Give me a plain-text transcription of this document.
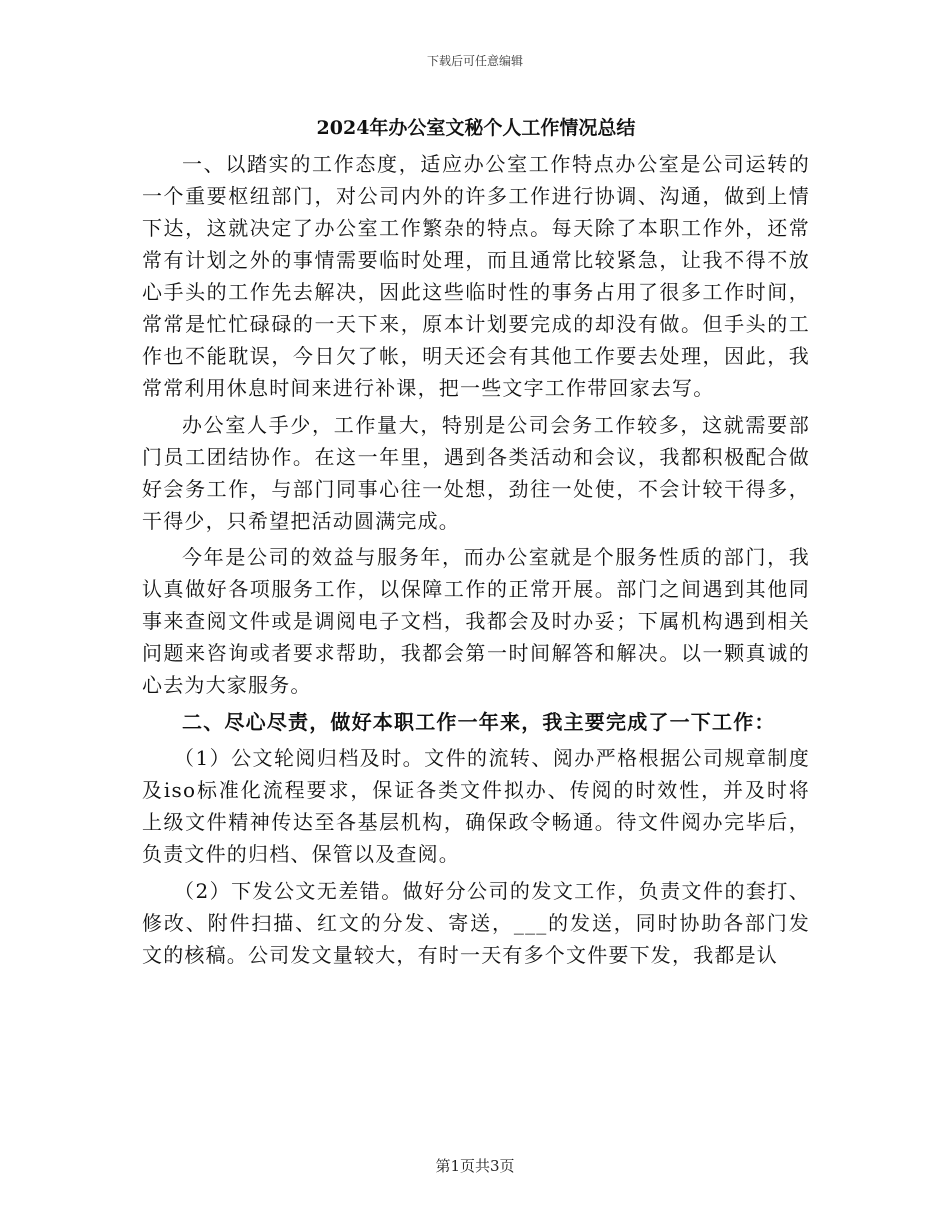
下载后可任意编辑
2024年办公室文秘个人工作情况总结

一、以踏实的工作态度，适应办公室工作特点办公室是公司运转的一个重要枢纽部门，对公司内外的许多工作进行协调、沟通，做到上情下达，这就决定了办公室工作繁杂的特点。每天除了本职工作外，还常常有计划之外的事情需要临时处理，而且通常比较紧急，让我不得不放心手头的工作先去解决，因此这些临时性的事务占用了很多工作时间，常常是忙忙碌碌的一天下来，原本计划要完成的却没有做。但手头的工作也不能耽误，今日欠了帐，明天还会有其他工作要去处理，因此，我常常利用休息时间来进行补课，把一些文字工作带回家去写。

办公室人手少，工作量大，特别是公司会务工作较多，这就需要部门员工团结协作。在这一年里，遇到各类活动和会议，我都积极配合做好会务工作，与部门同事心往一处想，劲往一处使，不会计较干得多，干得少，只希望把活动圆满完成。

今年是公司的效益与服务年，而办公室就是个服务性质的部门，我认真做好各项服务工作，以保障工作的正常开展。部门之间遇到其他同事来查阅文件或是调阅电子文档，我都会及时办妥；下属机构遇到相关问题来咨询或者要求帮助，我都会第一时间解答和解决。以一颗真诚的心去为大家服务。

二、尽心尽责，做好本职工作一年来，我主要完成了一下工作：

（1）公文轮阅归档及时。文件的流转、阅办严格根据公司规章制度及iso标准化流程要求，保证各类文件拟办、传阅的时效性，并及时将上级文件精神传达至各基层机构，确保政令畅通。待文件阅办完毕后，负责文件的归档、保管以及查阅。

（2）下发公文无差错。做好分公司的发文工作，负责文件的套打、修改、附件扫描、红文的分发、寄送，___的发送，同时协助各部门发文的核稿。公司发文量较大，有时一天有多个文件要下发，我都是认

第1页共3页
